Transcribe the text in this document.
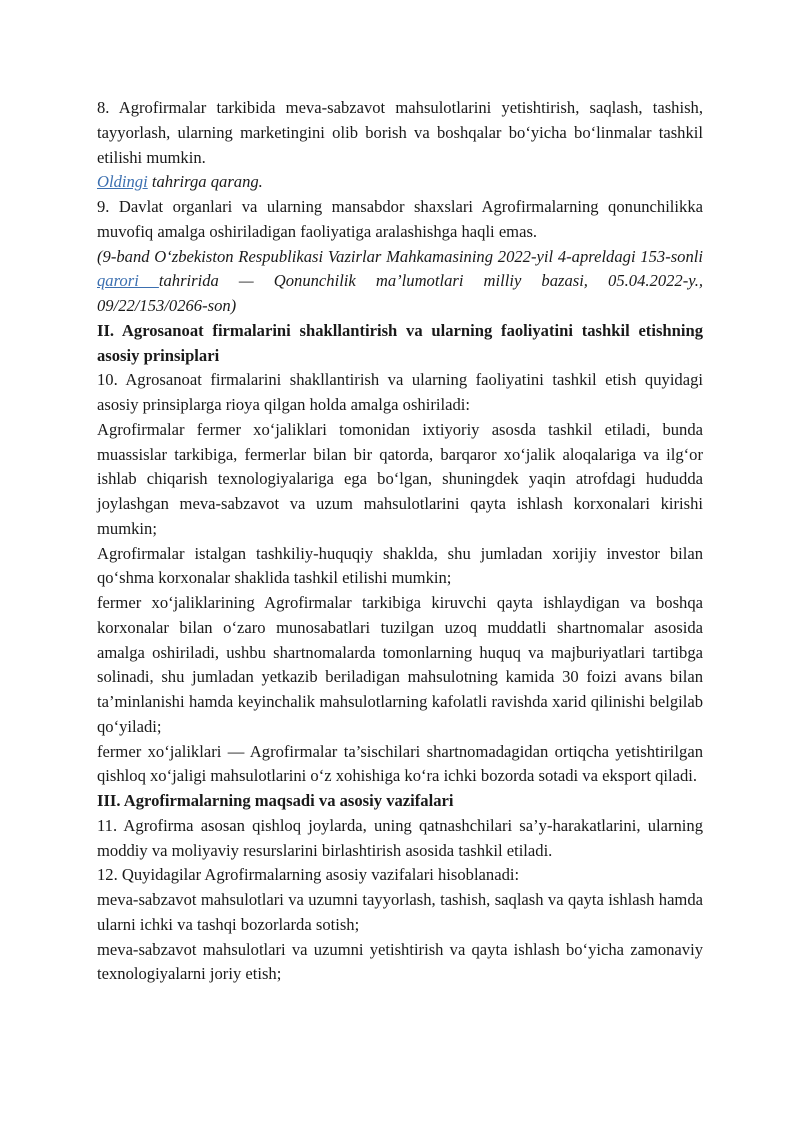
8. Agrofirmalar tarkibida meva-sabzavot mahsulotlarini yetishtirish, saqlash, tashish, tayyorlash, ularning marketingini olib borish va boshqalar bo‘yicha bo‘linmalar tashkil etilishi mumkin.

Oldingi tahrirga qarang.

9. Davlat organlari va ularning mansabdor shaxslari Agrofirmalarning qonunchilikka muvofiq amalga oshiriladigan faoliyatiga aralashishga haqli emas.

(9-band O‘zbekiston Respublikasi Vazirlar Mahkamasining 2022-yil 4-apreldagi 153-sonli qarori tahririda — Qonunchilik ma’lumotlari milliy bazasi, 05.04.2022-y., 09/22/153/0266-son)

II. Agrosanoat firmalarini shakllantirish va ularning faoliyatini tashkil etishning asosiy prinsiplari

10. Agrosanoat firmalarini shakllantirish va ularning faoliyatini tashkil etish quyidagi asosiy prinsiplarga rioya qilgan holda amalga oshiriladi:

Agrofirmalar fermer xo‘jaliklari tomonidan ixtiyoriy asosda tashkil etiladi, bunda muassislar tarkibiga, fermerlar bilan bir qatorda, barqaror xo‘jalik aloqalariga va ilg‘or ishlab chiqarish texnologiyalariga ega bo‘lgan, shuningdek yaqin atrofdagi hududda joylashgan meva-sabzavot va uzum mahsulotlarini qayta ishlash korxonalari kirishi mumkin;

Agrofirmalar istalgan tashkiliy-huquqiy shaklda, shu jumladan xorijiy investor bilan qo‘shma korxonalar shaklida tashkil etilishi mumkin;

fermer xo‘jaliklarining Agrofirmalar tarkibiga kiruvchi qayta ishlaydigan va boshqa korxonalar bilan o‘zaro munosabatlari tuzilgan uzoq muddatli shartnomalar asosida amalga oshiriladi, ushbu shartnomalarda tomonlarning huquq va majburiyatlari tartibga solinadi, shu jumladan yetkazib beriladigan mahsulotning kamida 30 foizi avans bilan ta’minlanishi hamda keyinchalik mahsulotlarning kafolatli ravishda xarid qilinishi belgilab qo‘yiladi;

fermer xo‘jaliklari — Agrofirmalar ta’sischilari shartnomadagidan ortiqcha yetishtirilgan qishloq xo‘jaligi mahsulotlarini o‘z xohishiga ko‘ra ichki bozorda sotadi va eksport qiladi.

III. Agrofirmalarning maqsadi va asosiy vazifalari

11. Agrofirma asosan qishloq joylarda, uning qatnashchilari sa’y-harakatlarini, ularning moddiy va moliyaviy resurslarini birlashtirish asosida tashkil etiladi.

12. Quyidagilar Agrofirmalarning asosiy vazifalari hisoblanadi:

meva-sabzavot mahsulotlari va uzumni tayyorlash, tashish, saqlash va qayta ishlash hamda ularni ichki va tashqi bozorlarda sotish;

meva-sabzavot mahsulotlari va uzumni yetishtirish va qayta ishlash bo‘yicha zamonaviy texnologiyalarni joriy etish;
